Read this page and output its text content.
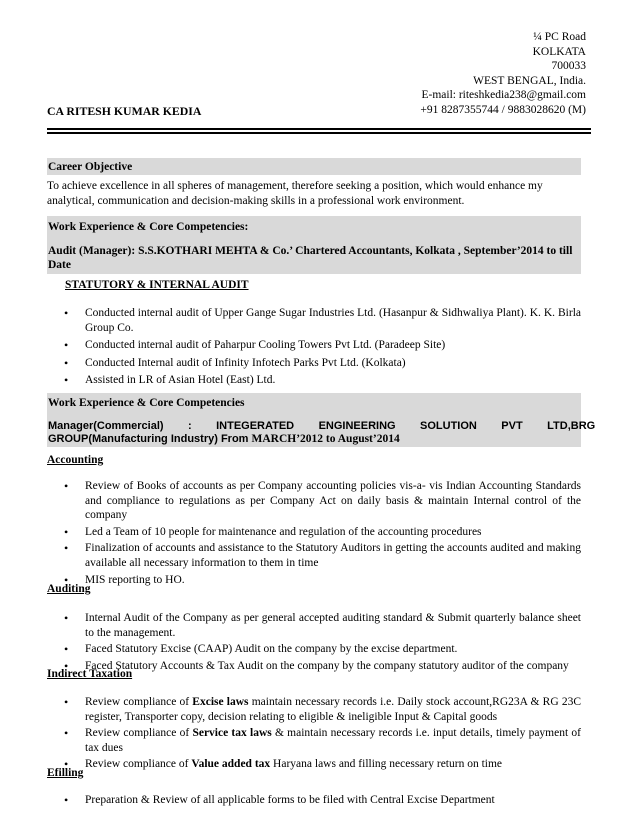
¼ PC Road
KOLKATA
700033
WEST BENGAL, India.
E-mail: riteshkedia238@gmail.com
+91 8287355744 / 9883028620 (M)
CA RITESH KUMAR KEDIA
Career Objective
To achieve excellence in all spheres of management, therefore seeking a position, which would enhance my analytical, communication and decision-making skills in a professional work environment.
Work Experience & Core Competencies:
Audit (Manager): S.S.KOTHARI MEHTA & Co.’ Chartered Accountants, Kolkata , September’2014 to till Date
STATUTORY & INTERNAL AUDIT
• Conducted internal audit of Upper Gange Sugar Industries Ltd. (Hasanpur & Sidhwaliya Plant). K. K. Birla Group Co.
• Conducted internal audit of Paharpur Cooling Towers Pvt Ltd. (Paradeep Site)
• Conducted Internal audit of Infinity Infotech Parks Pvt Ltd. (Kolkata)
• Assisted in LR of Asian Hotel (East) Ltd.
Work Experience & Core Competencies
Manager(Commercial)        :        INTEGERATED        ENGINEERING        SOLUTION        PVT        LTD,BRG
GROUP(Manufacturing Industry) From MARCH’2012 to August’2014
Accounting
• Review of Books of accounts as per Company accounting policies vis-a- vis Indian Accounting Standards and compliance to regulations as per Company Act on daily basis & maintain Internal control of the company
• Led a Team of 10 people for maintenance and regulation of the accounting procedures
• Finalization of accounts and assistance to the Statutory Auditors in getting the accounts audited and making available all necessary information to them in time
• MIS reporting to HO.
Auditing
• Internal Audit of the Company as per general accepted auditing standard & Submit quarterly balance sheet to the management.
• Faced Statutory Excise (CAAP) Audit on the company by the excise department.
• Faced Statutory Accounts & Tax Audit on the company by the company statutory auditor of the company
Indirect Taxation
• Review compliance of Excise laws maintain necessary records i.e. Daily stock account,RG23A & RG 23C register, Transporter copy, decision relating to eligible & ineligible Input & Capital goods
• Review compliance of Service tax laws & maintain necessary records i.e. input details, timely payment of tax dues
• Review compliance of Value added tax Haryana laws and filling necessary return on time
Efilling
• Preparation & Review of all applicable forms to be filed with Central Excise Department
